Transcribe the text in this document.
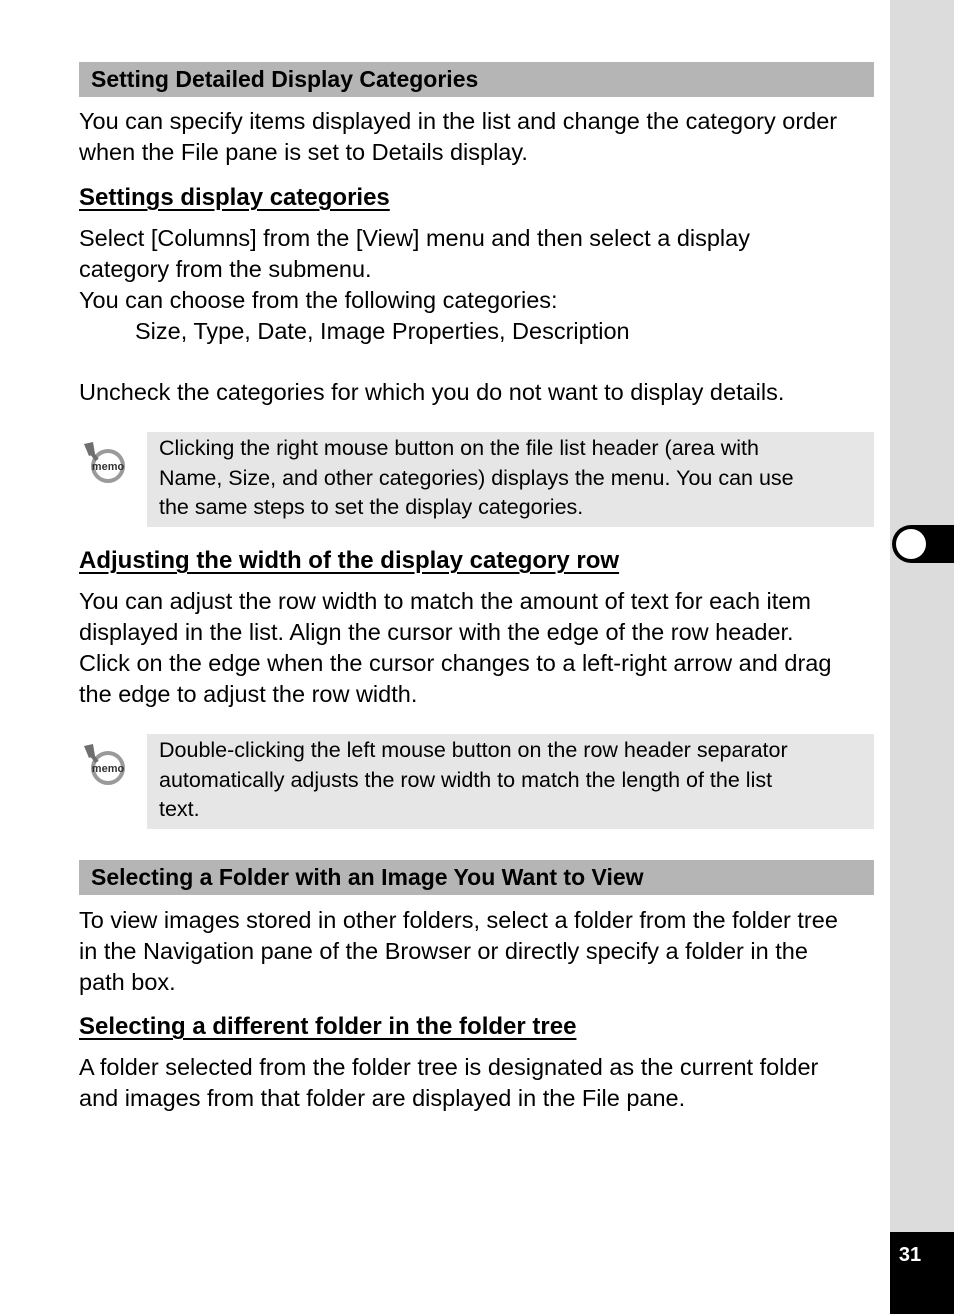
31
Setting Detailed Display Categories

You can specify items displayed in the list and change the category order
when the File pane is set to Details display.

Settings display categories

Select [Columns] from the [View] menu and then select a display
category from the submenu.
You can choose from the following categories:
Size, Type, Date, Image Properties, Description

Uncheck the categories for which you do not want to display details.

memo
Clicking the right mouse button on the file list header (area with
Name, Size, and other categories) displays the menu. You can use
the same steps to set the display categories.
Adjusting the width of the display category row

You can adjust the row width to match the amount of text for each item
displayed in the list. Align the cursor with the edge of the row header.
Click on the edge when the cursor changes to a left-right arrow and drag
the edge to adjust the row width.

memo
Double-clicking the left mouse button on the row header separator
automatically adjusts the row width to match the length of the list
text.
Selecting a Folder with an Image You Want to View

To view images stored in other folders, select a folder from the folder tree
in the Navigation pane of the Browser or directly specify a folder in the
path box.

Selecting a different folder in the folder tree

A folder selected from the folder tree is designated as the current folder
and images from that folder are displayed in the File pane.
